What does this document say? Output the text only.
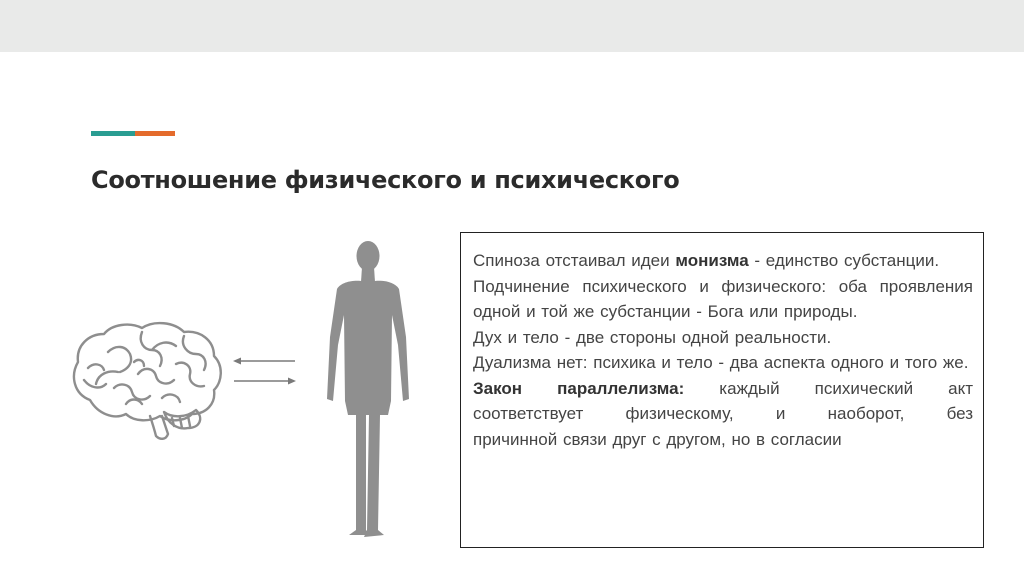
Соотношение физического и психического

Спиноза отстаивал идеи монизма - единство субстанции.

Подчинение психического и физического: оба проявления одной и той же субстанции - Бога или природы.

Дух и тело - две стороны одной реальности.

Дуализма нет: психика и тело - два аспекта одного и того же.

Закон параллелизма: каждый психический акт

соответствует физическому, и наоборот, без

причинной связи друг с другом, но в согласии
